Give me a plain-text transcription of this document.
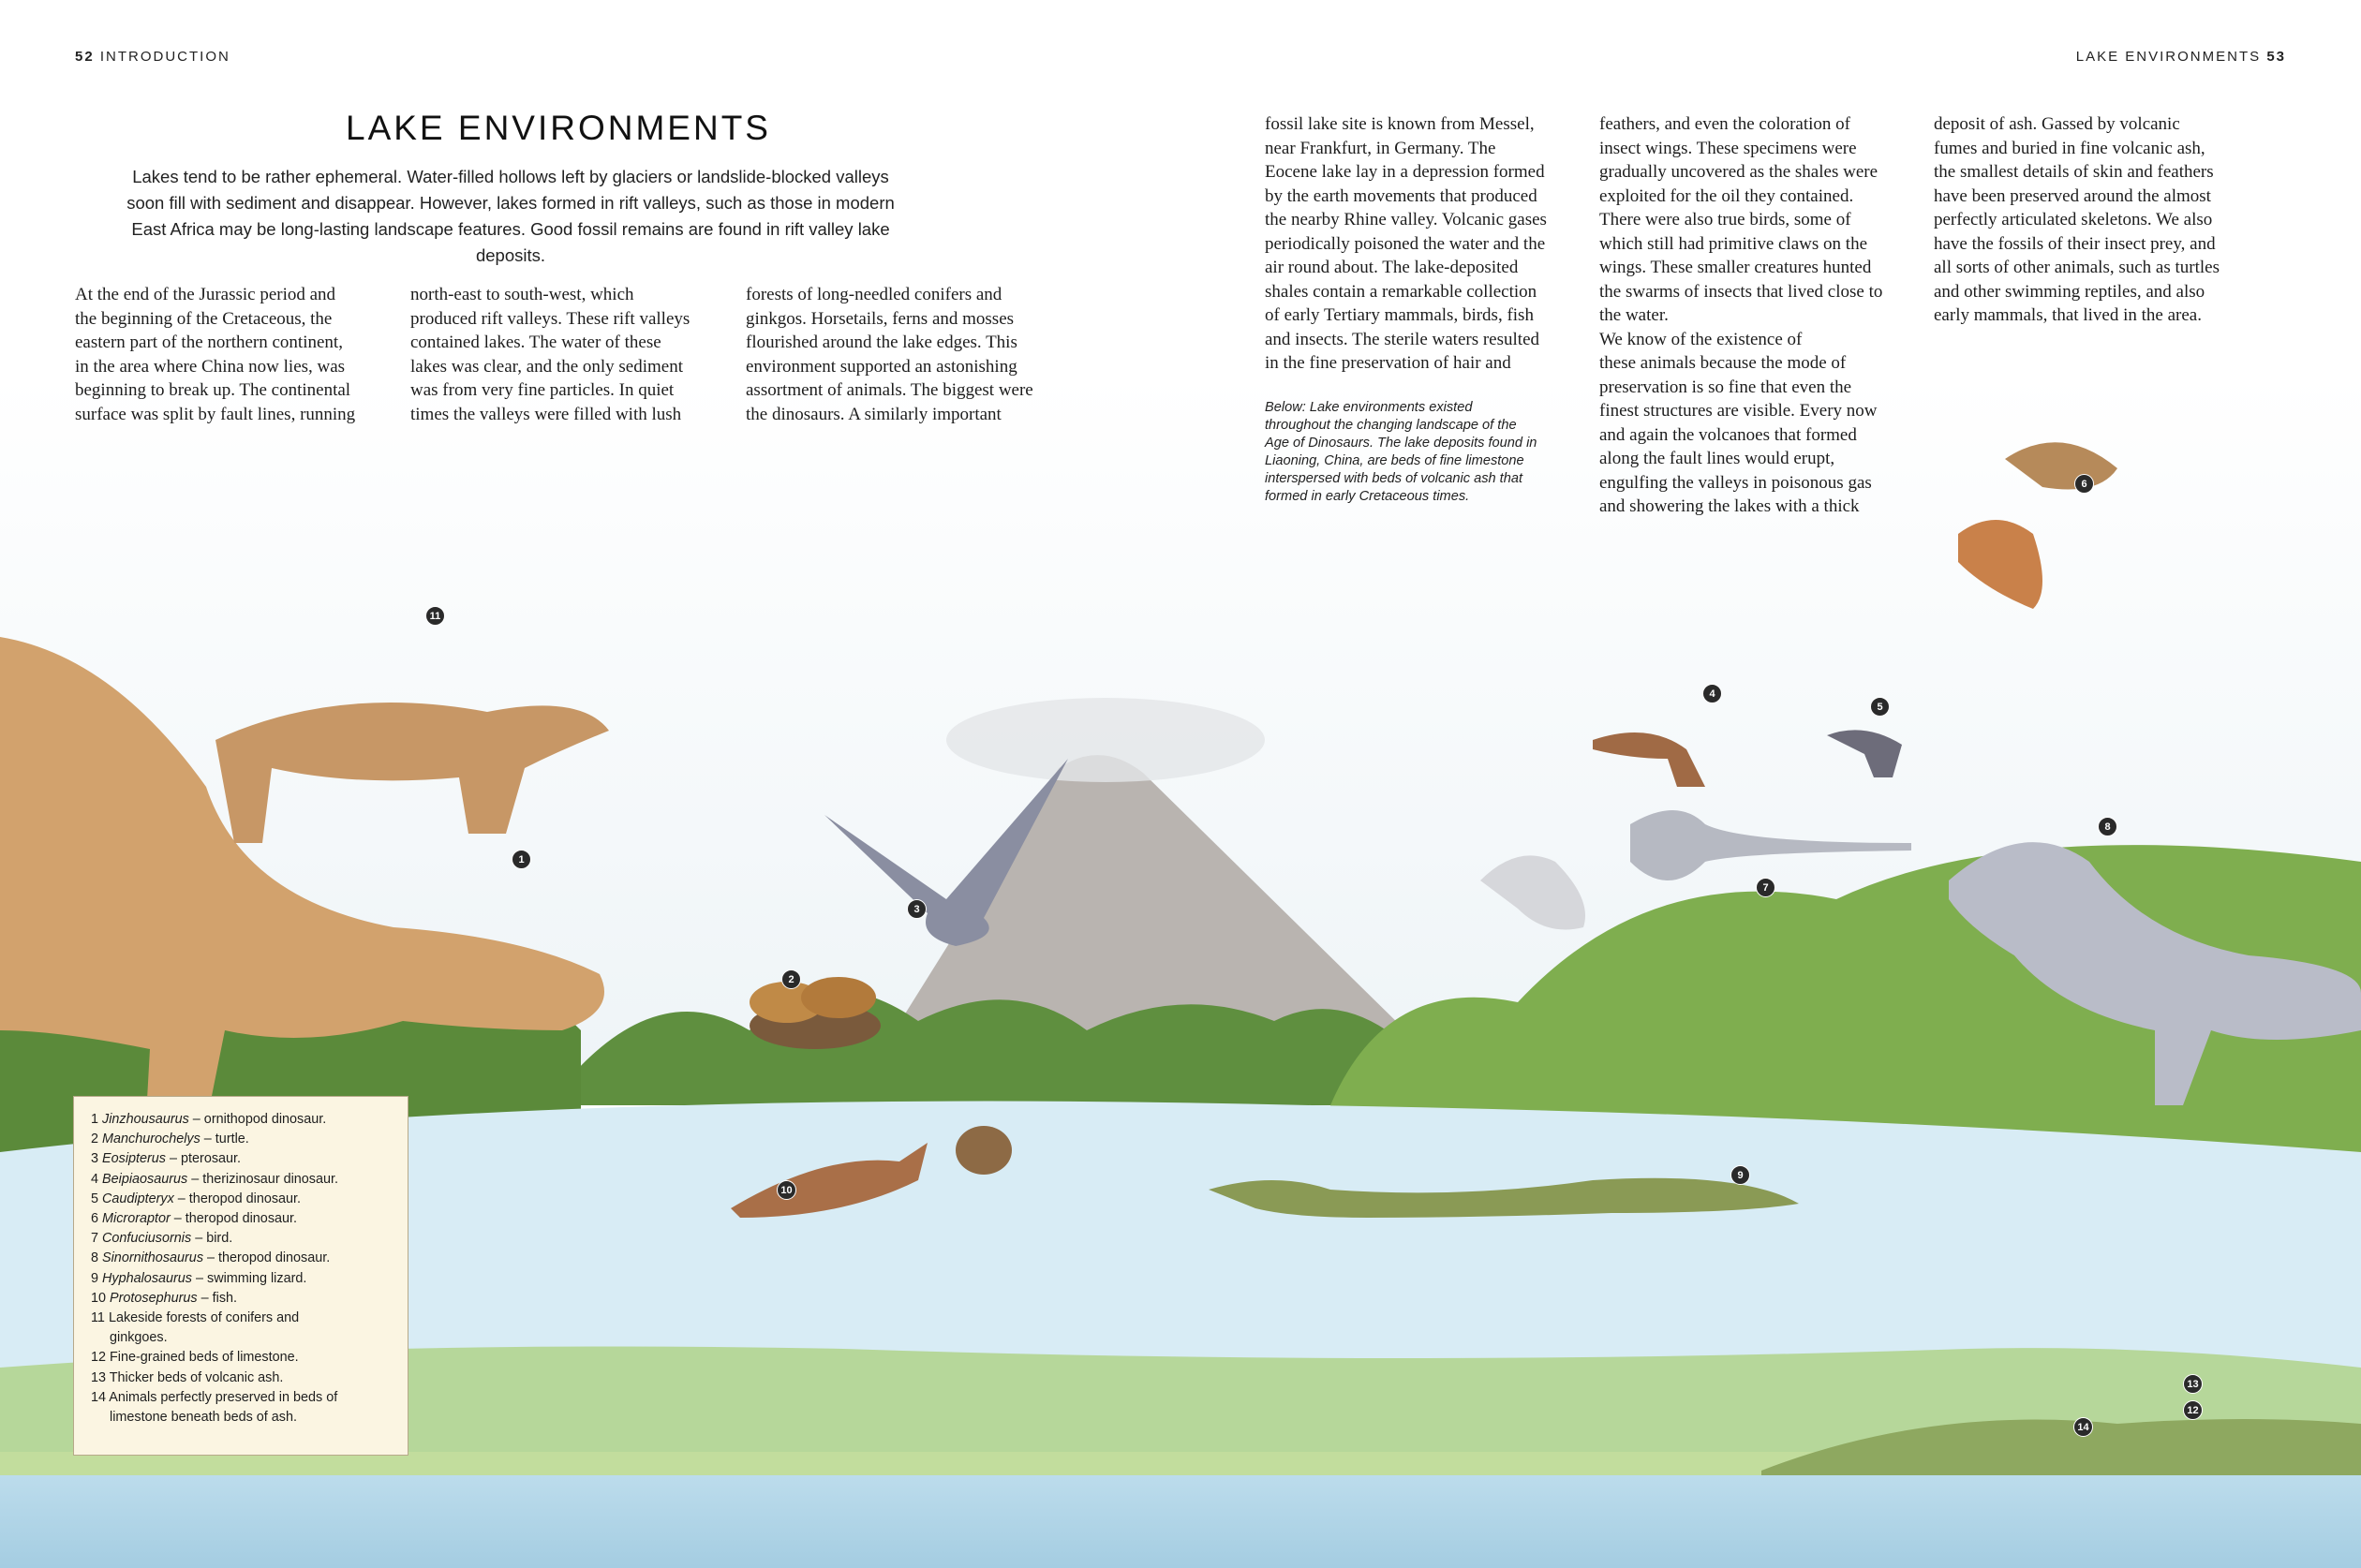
52 INTRODUCTION	LAKE ENVIRONMENTS 53
1
2
3
4
5
6
7
8
9
10
11
12
13
14
LAKE ENVIRONMENTS
Lakes tend to be rather ephemeral. Water-filled hollows left by glaciers or landslide-blocked valleys soon fill with sediment and disappear. However, lakes formed in rift valleys, such as those in modern East Africa may be long-lasting landscape features. Good fossil remains are found in rift valley lake deposits.
At the end of the Jurassic period and
the beginning of the Cretaceous, the
eastern part of the northern continent,
in the area where China now lies, was
beginning to break up. The continental
surface was split by fault lines, running
north-east to south-west, which
produced rift valleys. These rift valleys
contained lakes. The water of these
lakes was clear, and the only sediment
was from very fine particles. In quiet
times the valleys were filled with lush
forests of long-needled conifers and
ginkgos. Horsetails, ferns and mosses
flourished around the lake edges. This
environment supported an astonishing
assortment of animals. The biggest were
the dinosaurs. A similarly important
fossil lake site is known from Messel,
near Frankfurt, in Germany. The
Eocene lake lay in a depression formed
by the earth movements that produced
the nearby Rhine valley. Volcanic gases
periodically poisoned the water and the
air round about. The lake-deposited
shales contain a remarkable collection
of early Tertiary mammals, birds, fish
and insects. The sterile waters resulted
in the fine preservation of hair and
feathers, and even the coloration of
insect wings. These specimens were
gradually uncovered as the shales were
exploited for the oil they contained.
There were also true birds, some of
which still had primitive claws on the
wings. These smaller creatures hunted
the swarms of insects that lived close to
the water.
We know of the existence of
these animals because the mode of
preservation is so fine that even the
finest structures are visible. Every now
and again the volcanoes that formed
along the fault lines would erupt,
engulfing the valleys in poisonous gas
and showering the lakes with a thick
deposit of ash. Gassed by volcanic
fumes and buried in fine volcanic ash,
the smallest details of skin and feathers
have been preserved around the almost
perfectly articulated skeletons. We also
have the fossils of their insect prey, and
all sorts of other animals, such as turtles
and other swimming reptiles, and also
early mammals, that lived in the area.
Below: Lake environments existed
throughout the changing landscape of the
Age of Dinosaurs. The lake deposits found in
Liaoning, China, are beds of fine limestone
interspersed with beds of volcanic ash that
formed in early Cretaceous times.
1 Jinzhousaurus – ornithopod dinosaur.
2 Manchurochelys – turtle.
3 Eosipterus – pterosaur.
4 Beipiaosaurus – therizinosaur dinosaur.
5 Caudipteryx – theropod dinosaur.
6 Microraptor – theropod dinosaur.
7 Confuciusornis – bird.
8 Sinornithosaurus – theropod dinosaur.
9 Hyphalosaurus – swimming lizard.
10 Protosephurus – fish.
11 Lakeside forests of conifers and
ginkgoes.
12 Fine-grained beds of limestone.
13 Thicker beds of volcanic ash.
14 Animals perfectly preserved in beds of
limestone beneath beds of ash.
